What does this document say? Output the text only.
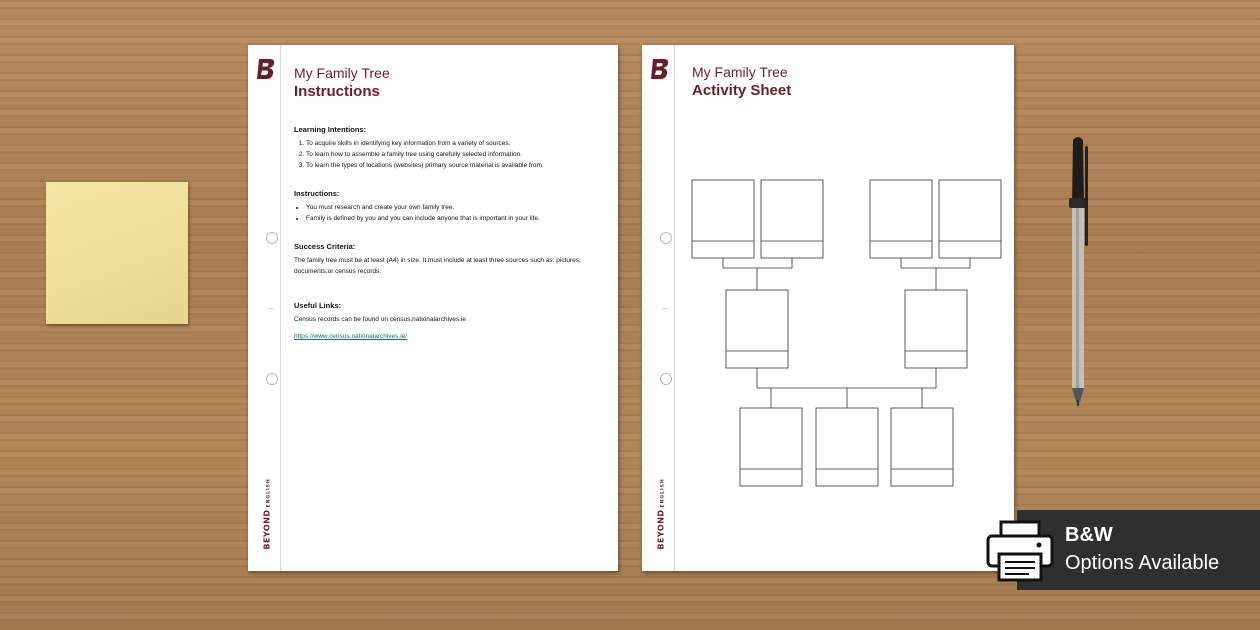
BEYONDENGLISH
My Family Tree
Instructions
Learning Intentions:
1. To acquire skills in identifying key information from a variety of sources.
2. To learn how to assemble a family tree using carefully selected information.
3. To learn the types of locations (websites) primary source material is available from.
Instructions:
• You must research and create your own family tree.
• Family is defined by you and you can include anyone that is important in your life.
Success Criteria:

The family tree must be at least (A4) in size. It must include at least three sources such as: pictures, documents,or census records.

Useful Links:

Census records can be found on census.nationalarchives.ie

https://www.census.nationalarchives.ie/
BEYONDENGLISH
My Family Tree
Activity Sheet
B&W
Options Available
